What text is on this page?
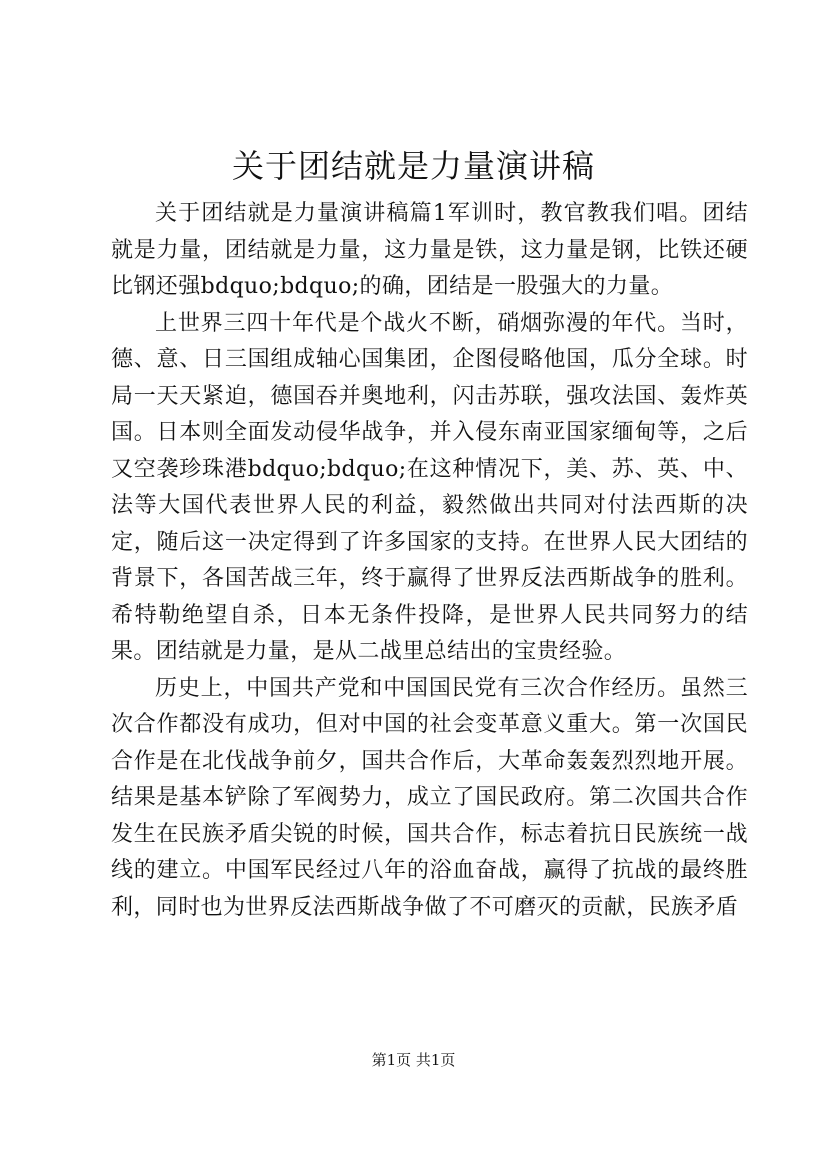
关于团结就是力量演讲稿

关于团结就是力量演讲稿篇1军训时，教官教我们唱。团结就是力量，团结就是力量，这力量是铁，这力量是钢，比铁还硬比钢还强bdquo;bdquo;的确，团结是一股强大的力量。

上世界三四十年代是个战火不断，硝烟弥漫的年代。当时，德、意、日三国组成轴心国集团，企图侵略他国，瓜分全球。时局一天天紧迫，德国吞并奥地利，闪击苏联，强攻法国、轰炸英国。日本则全面发动侵华战争，并入侵东南亚国家缅甸等，之后又空袭珍珠港bdquo;bdquo;在这种情况下，美、苏、英、中、法等大国代表世界人民的利益，毅然做出共同对付法西斯的决定，随后这一决定得到了许多国家的支持。在世界人民大团结的背景下，各国苦战三年，终于赢得了世界反法西斯战争的胜利。希特勒绝望自杀，日本无条件投降，是世界人民共同努力的结果。团结就是力量，是从二战里总结出的宝贵经验。

历史上，中国共产党和中国国民党有三次合作经历。虽然三次合作都没有成功，但对中国的社会变革意义重大。第一次国民合作是在北伐战争前夕，国共合作后，大革命轰轰烈烈地开展。结果是基本铲除了军阀势力，成立了国民政府。第二次国共合作发生在民族矛盾尖锐的时候，国共合作，标志着抗日民族统一战线的建立。中国军民经过八年的浴血奋战，赢得了抗战的最终胜利，同时也为世界反法西斯战争做了不可磨灭的贡献，民族矛盾

第1页 共1页
